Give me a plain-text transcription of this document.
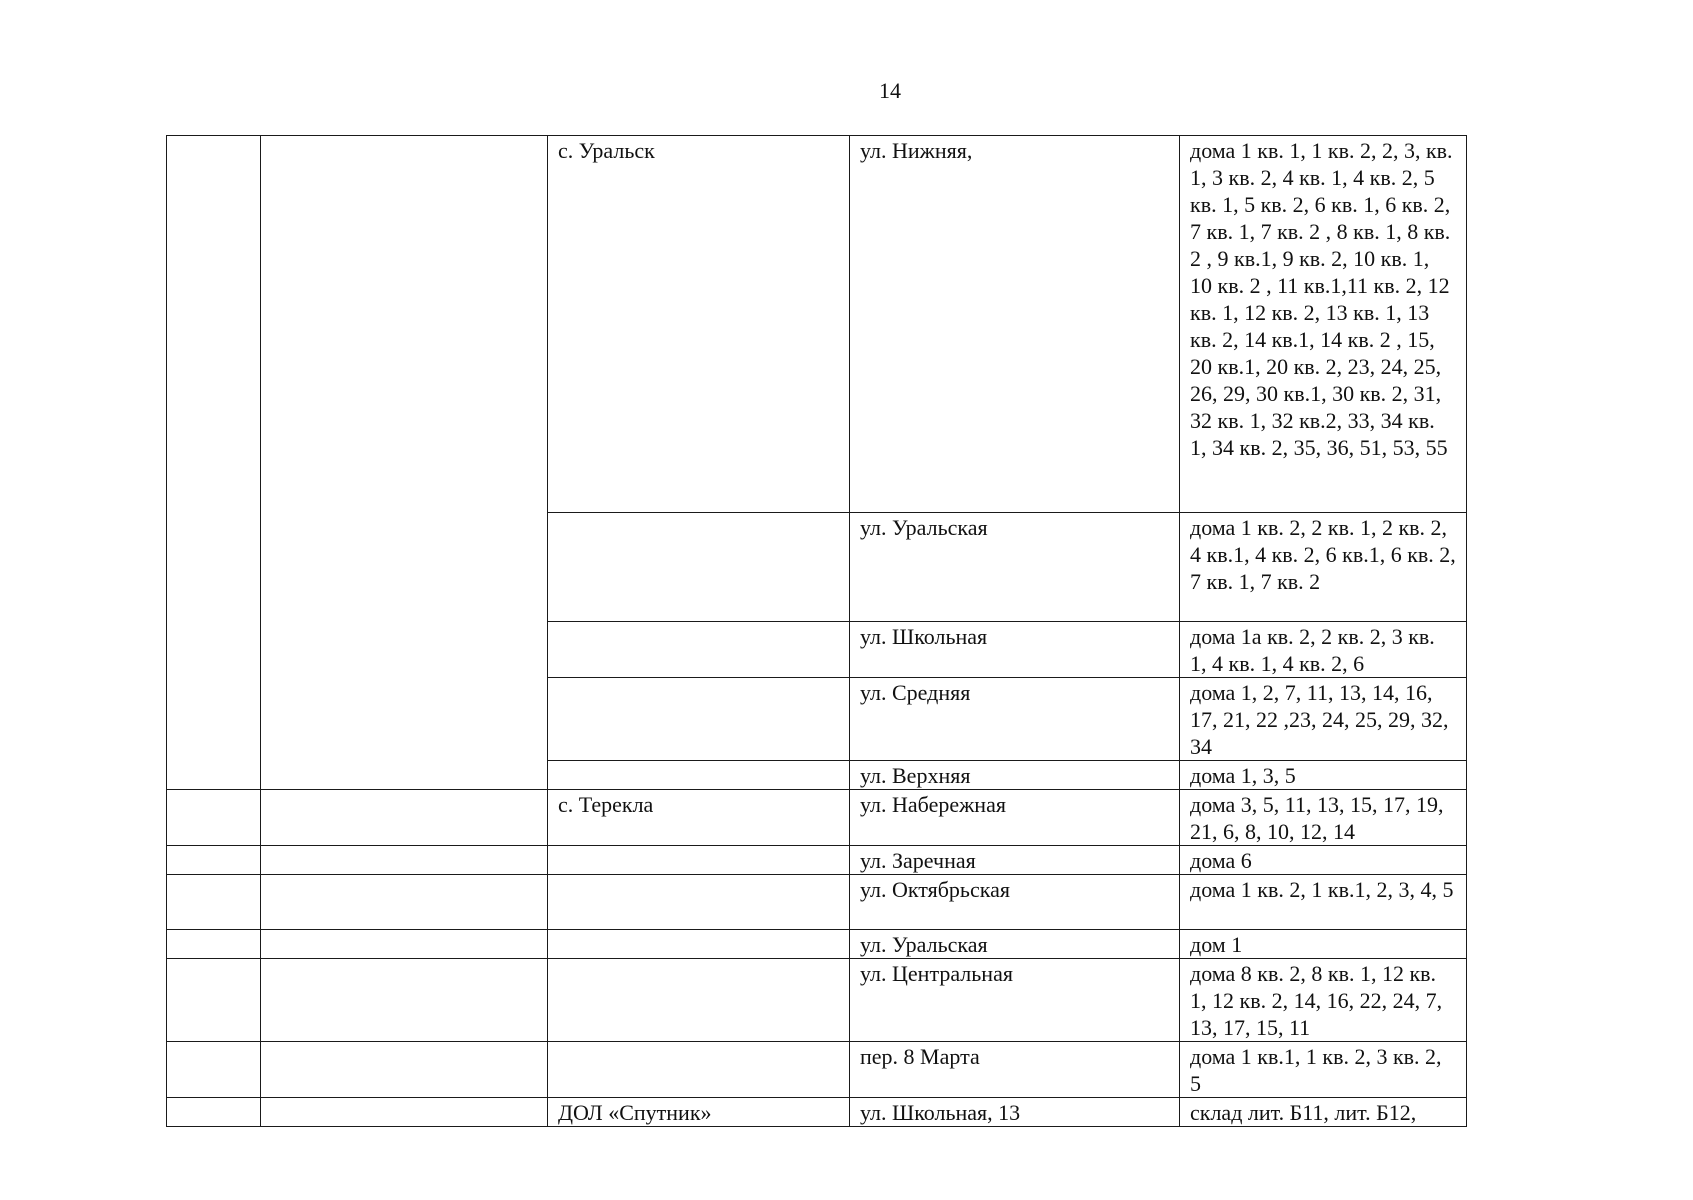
14
		с. Уральск	ул. Нижняя,	дома 1 кв. 1, 1 кв. 2, 2, 3, кв. 1, 3 кв. 2, 4 кв. 1, 4 кв. 2, 5 кв. 1, 5 кв. 2, 6 кв. 1, 6 кв. 2, 7 кв. 1, 7 кв. 2 , 8 кв. 1, 8 кв. 2 , 9 кв.1, 9 кв. 2, 10 кв. 1, 10 кв. 2 , 11 кв.1,11 кв. 2, 12 кв. 1, 12 кв. 2, 13 кв. 1, 13 кв. 2, 14 кв.1, 14 кв. 2 , 15, 20 кв.1, 20 кв. 2, 23, 24, 25, 26, 29, 30 кв.1, 30 кв. 2, 31, 32 кв. 1, 32 кв.2, 33, 34 кв. 1, 34 кв. 2, 35, 36, 51, 53, 55
			ул. Уральская	дома 1 кв. 2, 2 кв. 1, 2 кв. 2, 4 кв.1, 4 кв. 2, 6 кв.1, 6 кв. 2, 7 кв. 1, 7 кв. 2
			ул. Школьная	дома 1а кв. 2, 2 кв. 2, 3 кв. 1, 4 кв. 1, 4 кв. 2, 6
			ул. Средняя	дома 1, 2, 7, 11, 13, 14, 16, 17, 21, 22 ,23, 24, 25, 29, 32, 34
			ул. Верхняя	дома 1, 3, 5
		с. Терекла	ул. Набережная	дома 3, 5, 11, 13, 15, 17, 19, 21, 6, 8, 10, 12, 14
			ул. Заречная	дома 6
			ул. Октябрьская	дома 1 кв. 2, 1 кв.1, 2, 3, 4, 5
			ул. Уральская	дом 1
			ул. Центральная	дома 8 кв. 2, 8 кв. 1, 12 кв. 1, 12 кв. 2, 14, 16, 22, 24, 7, 13, 17, 15, 11
			пер. 8 Марта	дома 1 кв.1, 1 кв. 2, 3 кв. 2, 5
		ДОЛ «Спутник»	ул. Школьная, 13	склад лит. Б11, лит. Б12,
